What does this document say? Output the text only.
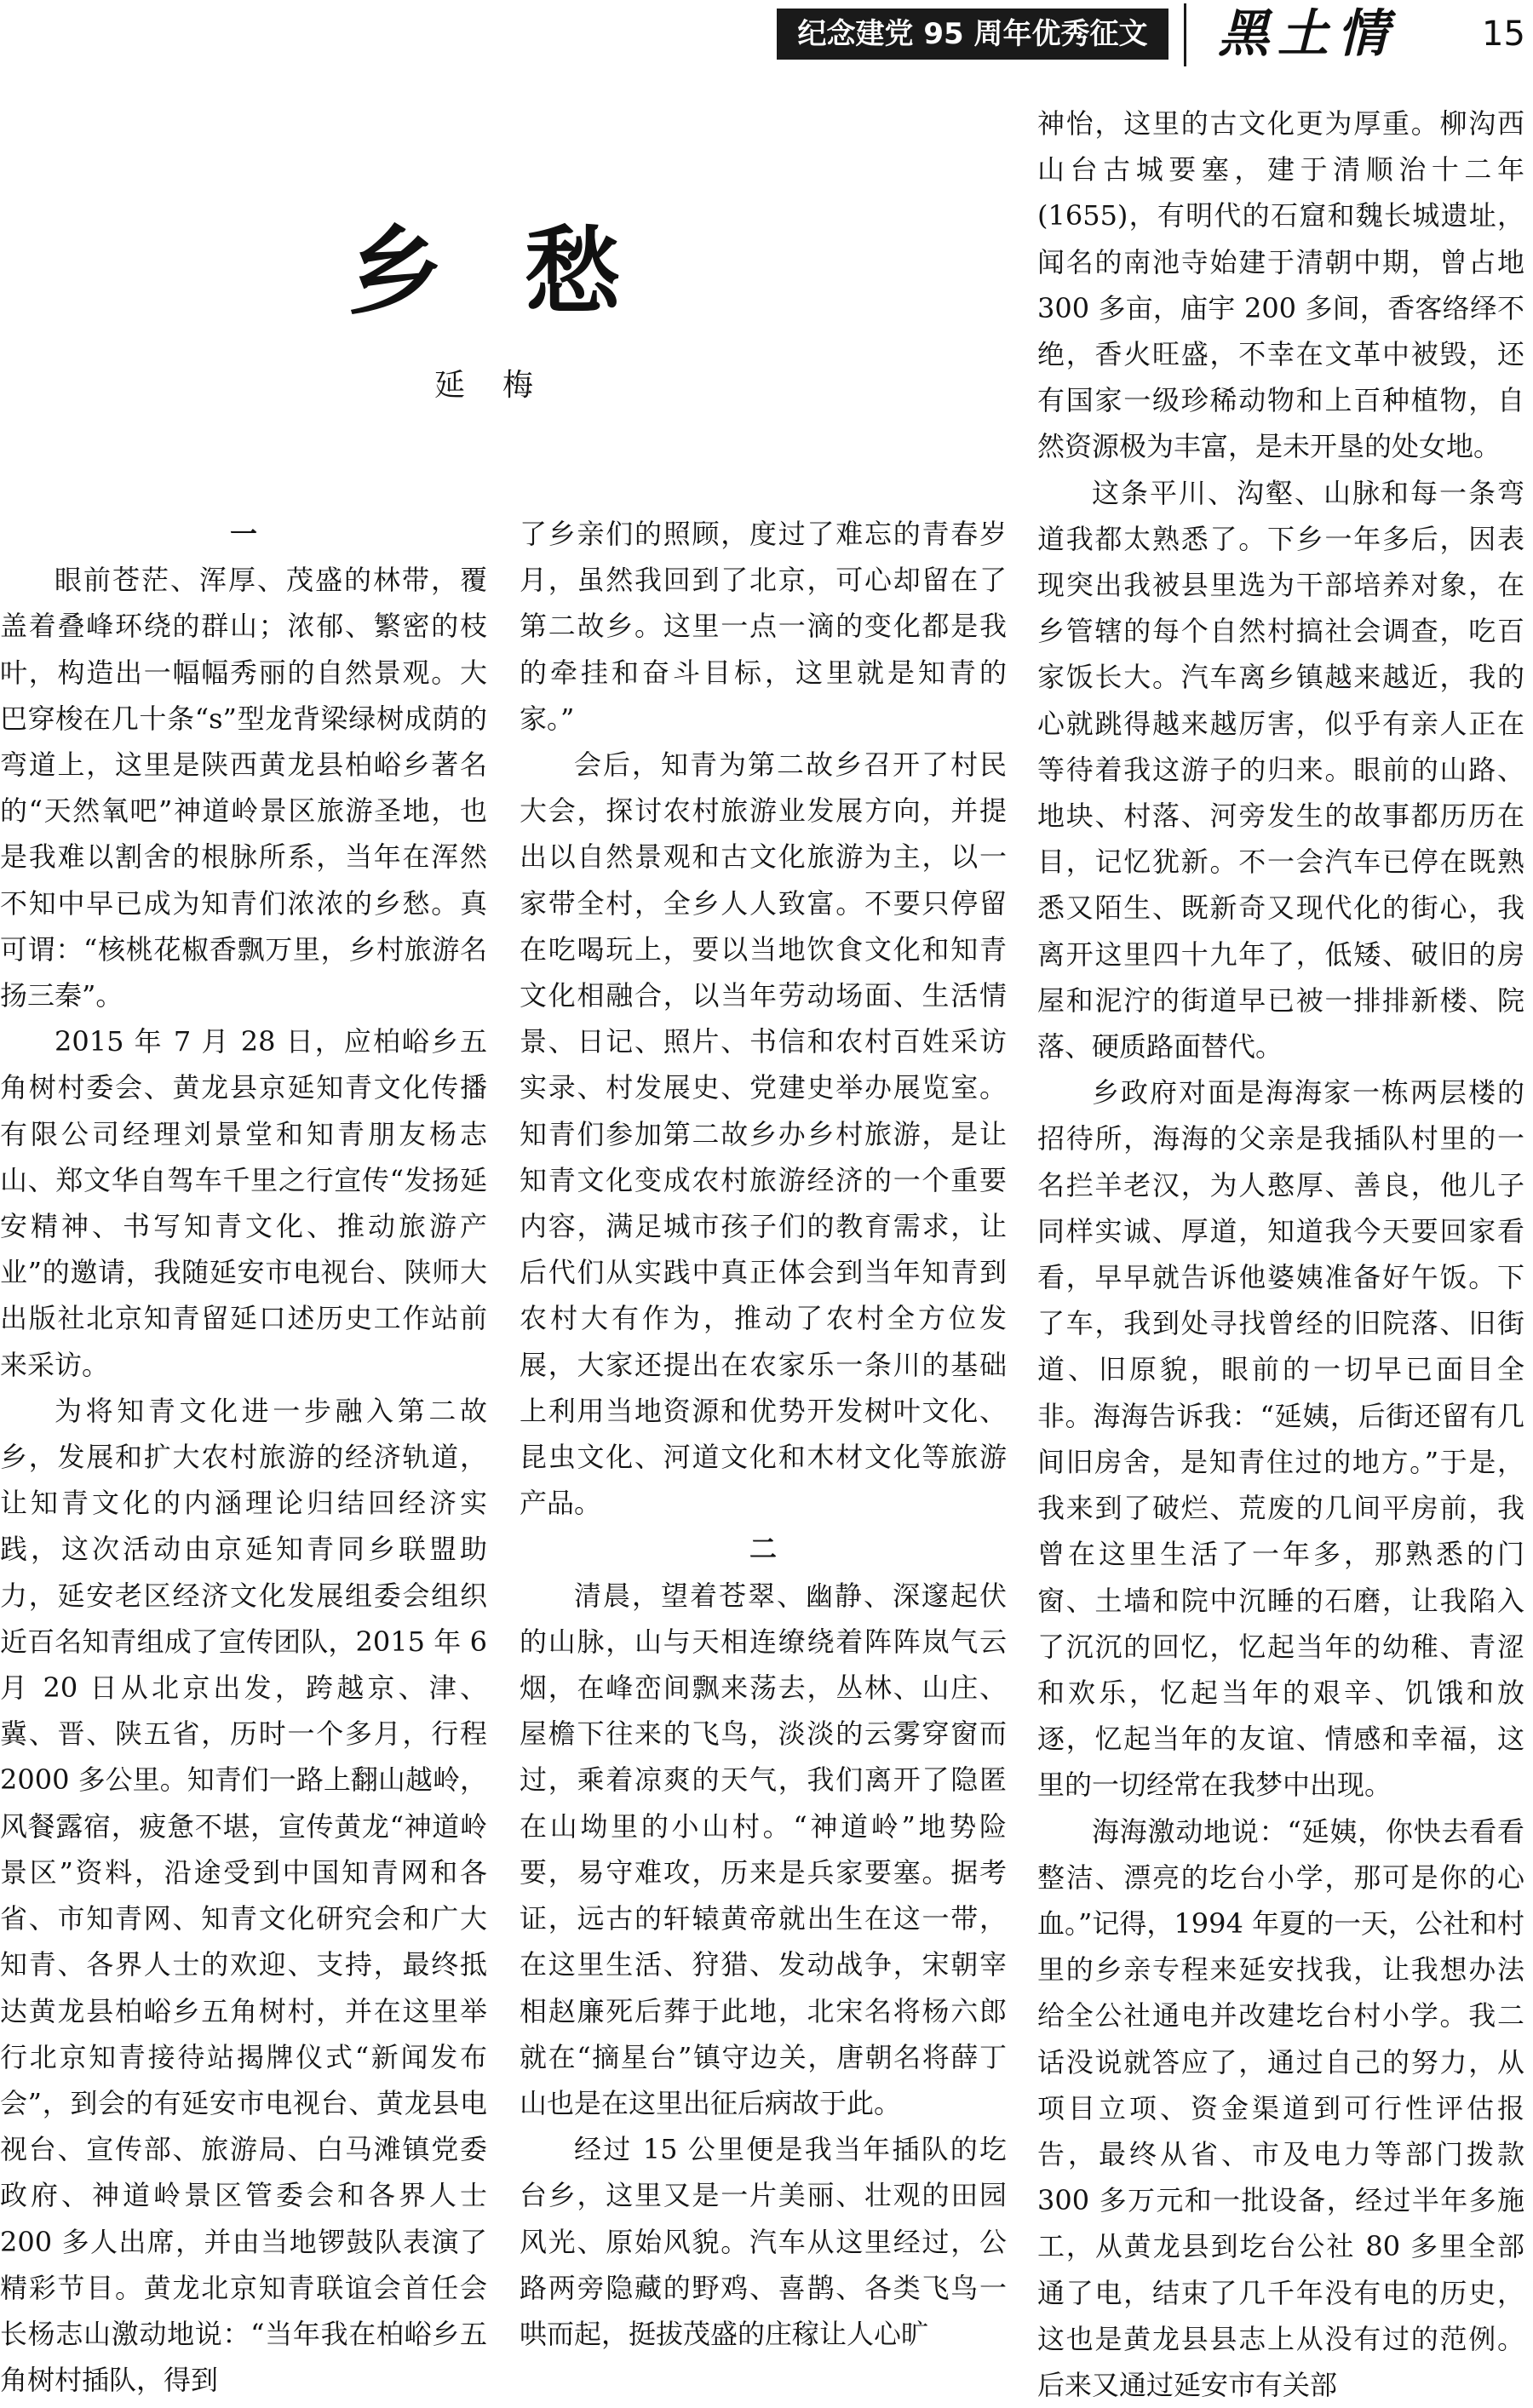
纪念建党 95 周年优秀征文	黑土情	15
乡愁
延梅
一

眼前苍茫、浑厚、茂盛的林带，覆盖着叠峰环绕的群山；浓郁、繁密的枝叶，构造出一幅幅秀丽的自然景观。大巴穿梭在几十条“s”型龙背梁绿树成荫的弯道上，这里是陕西黄龙县柏峪乡著名的“天然氧吧”神道岭景区旅游圣地，也是我难以割舍的根脉所系，当年在浑然不知中早已成为知青们浓浓的乡愁。真可谓：“核桃花椒香飘万里，乡村旅游名扬三秦”。

2015 年 7 月 28 日，应柏峪乡五角树村委会、黄龙县京延知青文化传播有限公司经理刘景堂和知青朋友杨志山、郑文华自驾车千里之行宣传“发扬延安精神、书写知青文化、推动旅游产业”的邀请，我随延安市电视台、陕师大出版社北京知青留延口述历史工作站前来采访。

为将知青文化进一步融入第二故乡，发展和扩大农村旅游的经济轨道，让知青文化的内涵理论归结回经济实践，这次活动由京延知青同乡联盟助力，延安老区经济文化发展组委会组织近百名知青组成了宣传团队，2015 年 6 月 20 日从北京出发，跨越京、津、冀、晋、陕五省，历时一个多月，行程 2000 多公里。知青们一路上翻山越岭，风餐露宿，疲惫不堪，宣传黄龙“神道岭景区”资料，沿途受到中国知青网和各省、市知青网、知青文化研究会和广大知青、各界人士的欢迎、支持，最终抵达黄龙县柏峪乡五角树村，并在这里举行北京知青接待站揭牌仪式“新闻发布会”，到会的有延安市电视台、黄龙县电视台、宣传部、旅游局、白马滩镇党委政府、神道岭景区管委会和各界人士 200 多人出席，并由当地锣鼓队表演了精彩节目。黄龙北京知青联谊会首任会长杨志山激动地说：“当年我在柏峪乡五角树村插队，得到

了乡亲们的照顾，度过了难忘的青春岁月，虽然我回到了北京，可心却留在了第二故乡。这里一点一滴的变化都是我的牵挂和奋斗目标，这里就是知青的家。”

会后，知青为第二故乡召开了村民大会，探讨农村旅游业发展方向，并提出以自然景观和古文化旅游为主，以一家带全村，全乡人人致富。不要只停留在吃喝玩上，要以当地饮食文化和知青文化相融合，以当年劳动场面、生活情景、日记、照片、书信和农村百姓采访实录、村发展史、党建史举办展览室。知青们参加第二故乡办乡村旅游，是让知青文化变成农村旅游经济的一个重要内容，满足城市孩子们的教育需求，让后代们从实践中真正体会到当年知青到农村大有作为，推动了农村全方位发展，大家还提出在农家乐一条川的基础上利用当地资源和优势开发树叶文化、昆虫文化、河道文化和木材文化等旅游产品。

二

清晨，望着苍翠、幽静、深邃起伏的山脉，山与天相连缭绕着阵阵岚气云烟，在峰峦间飘来荡去，丛林、山庄、屋檐下往来的飞鸟，淡淡的云雾穿窗而过，乘着凉爽的天气，我们离开了隐匿在山坳里的小山村。“神道岭”地势险要，易守难攻，历来是兵家要塞。据考证，远古的轩辕黄帝就出生在这一带，在这里生活、狩猎、发动战争，宋朝宰相赵廉死后葬于此地，北宋名将杨六郎就在“摘星台”镇守边关，唐朝名将薛丁山也是在这里出征后病故于此。

经过 15 公里便是我当年插队的圪台乡，这里又是一片美丽、壮观的田园风光、原始风貌。汽车从这里经过，公路两旁隐藏的野鸡、喜鹊、各类飞鸟一哄而起，挺拔茂盛的庄稼让人心旷

神怡，这里的古文化更为厚重。柳沟西山台古城要塞，建于清顺治十二年(1655)，有明代的石窟和魏长城遗址，闻名的南池寺始建于清朝中期，曾占地 300 多亩，庙宇 200 多间，香客络绎不绝，香火旺盛，不幸在文革中被毁，还有国家一级珍稀动物和上百种植物，自然资源极为丰富，是未开垦的处女地。

这条平川、沟壑、山脉和每一条弯道我都太熟悉了。下乡一年多后，因表现突出我被县里选为干部培养对象，在乡管辖的每个自然村搞社会调查，吃百家饭长大。汽车离乡镇越来越近，我的心就跳得越来越厉害，似乎有亲人正在等待着我这游子的归来。眼前的山路、地块、村落、河旁发生的故事都历历在目，记忆犹新。不一会汽车已停在既熟悉又陌生、既新奇又现代化的街心，我离开这里四十九年了，低矮、破旧的房屋和泥泞的街道早已被一排排新楼、院落、硬质路面替代。

乡政府对面是海海家一栋两层楼的招待所，海海的父亲是我插队村里的一名拦羊老汉，为人憨厚、善良，他儿子同样实诚、厚道，知道我今天要回家看看，早早就告诉他婆姨准备好午饭。下了车，我到处寻找曾经的旧院落、旧街道、旧原貌，眼前的一切早已面目全非。海海告诉我：“延姨，后街还留有几间旧房舍，是知青住过的地方。”于是，我来到了破烂、荒废的几间平房前，我曾在这里生活了一年多，那熟悉的门窗、土墙和院中沉睡的石磨，让我陷入了沉沉的回忆，忆起当年的幼稚、青涩和欢乐，忆起当年的艰辛、饥饿和放逐，忆起当年的友谊、情感和幸福，这里的一切经常在我梦中出现。

海海激动地说：“延姨，你快去看看整洁、漂亮的圪台小学，那可是你的心血。”记得，1994 年夏的一天，公社和村里的乡亲专程来延安找我，让我想办法给全公社通电并改建圪台村小学。我二话没说就答应了，通过自己的努力，从项目立项、资金渠道到可行性评估报告，最终从省、市及电力等部门拨款 300 多万元和一批设备，经过半年多施工，从黄龙县到圪台公社 80 多里全部通了电，结束了几千年没有电的历史，这也是黄龙县县志上从没有过的范例。后来又通过延安市有关部
